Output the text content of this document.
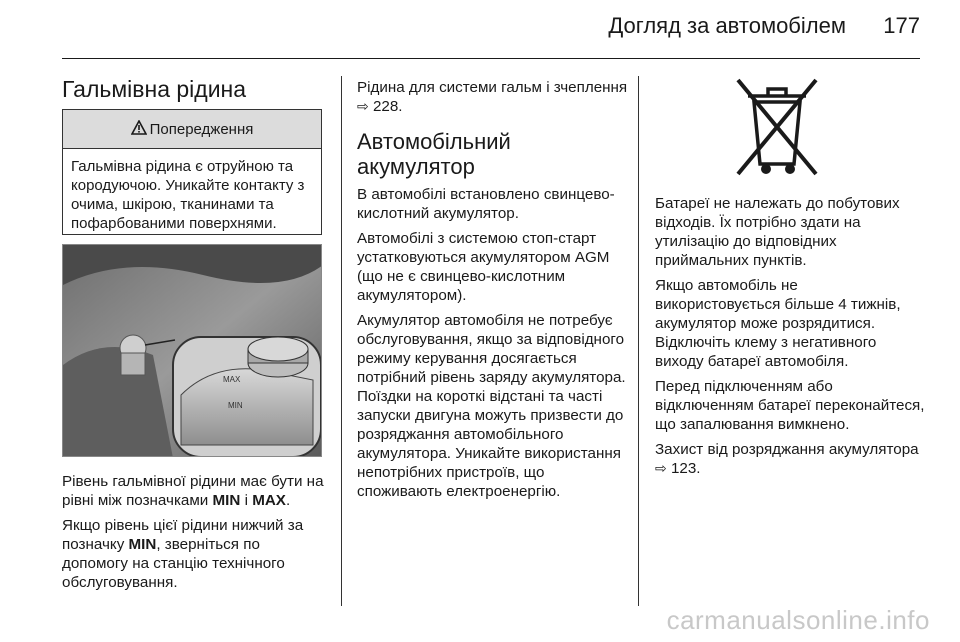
Догляд за автомобілем 177
Гальмівна рідина
Попередження
Гальмівна рідина є отруйною та кородуючою. Уникайте контакту з очима, шкірою, тканинами та пофарбованими поверхнями.
MAX
MIN

Рівень гальмівної рідини має бути на рівні між позначками MIN і MAX.

Якщо рівень цієї рідини нижчий за позначку MIN, зверніться по допомогу на станцію технічного обслуговування.

Рідина для системи гальм і зчеплення ⇨ 228.

Автомобільний акумулятор

В автомобілі встановлено свинцево-кислотний акумулятор.

Автомобілі з системою стоп-старт устатковуються акумулятором AGM (що не є свинцево-кислотним акумулятором).

Акумулятор автомобіля не потребує обслуговування, якщо за відповідного режиму керування досягається потрібний рівень заряду акумулятора. Поїздки на короткі відстані та часті запуски двигуна можуть призвести до розряджання автомобільного акумулятора. Уникайте використання непотрібних пристроїв, що споживають електроенергію.

Батареї не належать до побутових відходів. Їх потрібно здати на утилізацію до відповідних приймальних пунктів.

Якщо автомобіль не використовується більше 4 тижнів, акумулятор може розрядитися. Відключіть клему з негативного виходу батареї автомобіля.

Перед підключенням або відключенням батареї переконайтеся, що запалювання вимкнено.

Захист від розряджання акумулятора ⇨ 123.

carmanualsonline.info
